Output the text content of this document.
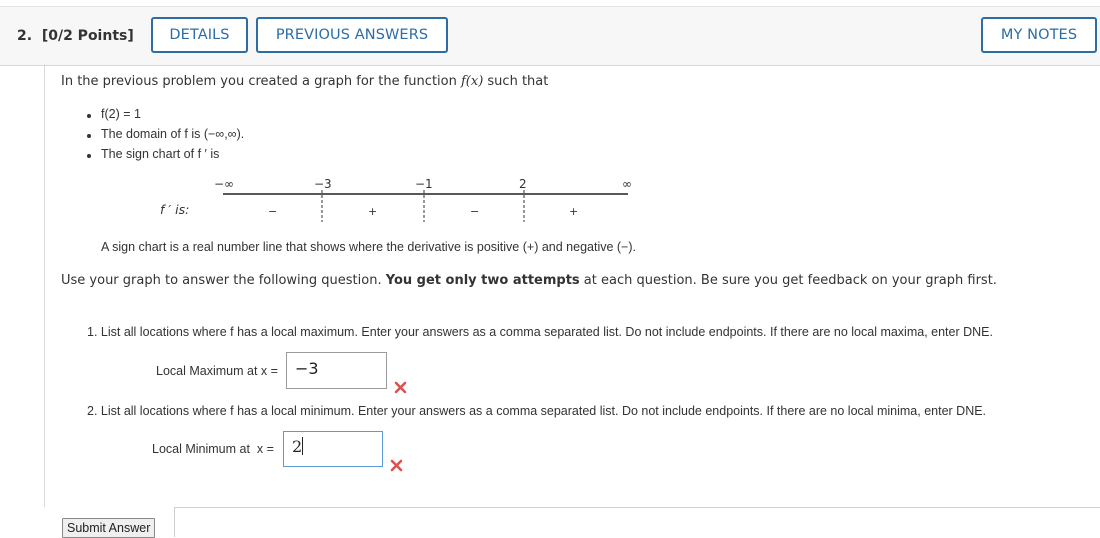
2. [0/2 Points]	DETAILS	PREVIOUS ANSWERS	MY NOTES
In the previous problem you created a graph for the function f(x) such that
f(2) = 1
The domain of f is (−∞,∞).
The sign chart of f ′ is
−∞	−3	−1	2	∞
−	+	−	+
f ′ is:
A sign chart is a real number line that shows where the derivative is positive (+) and negative (−).
Use your graph to answer the following question. You get only two attempts at each question. Be sure you get feedback on your graph first.
1. List all locations where f has a local maximum. Enter your answers as a comma separated list. Do not include endpoints. If there are no local maxima, enter DNE.
Local Maximum at x =	−3
2. List all locations where f has a local minimum. Enter your answers as a comma separated list. Do not include endpoints. If there are no local minima, enter DNE.
Local Minimum at  x =	2
Submit Answer
